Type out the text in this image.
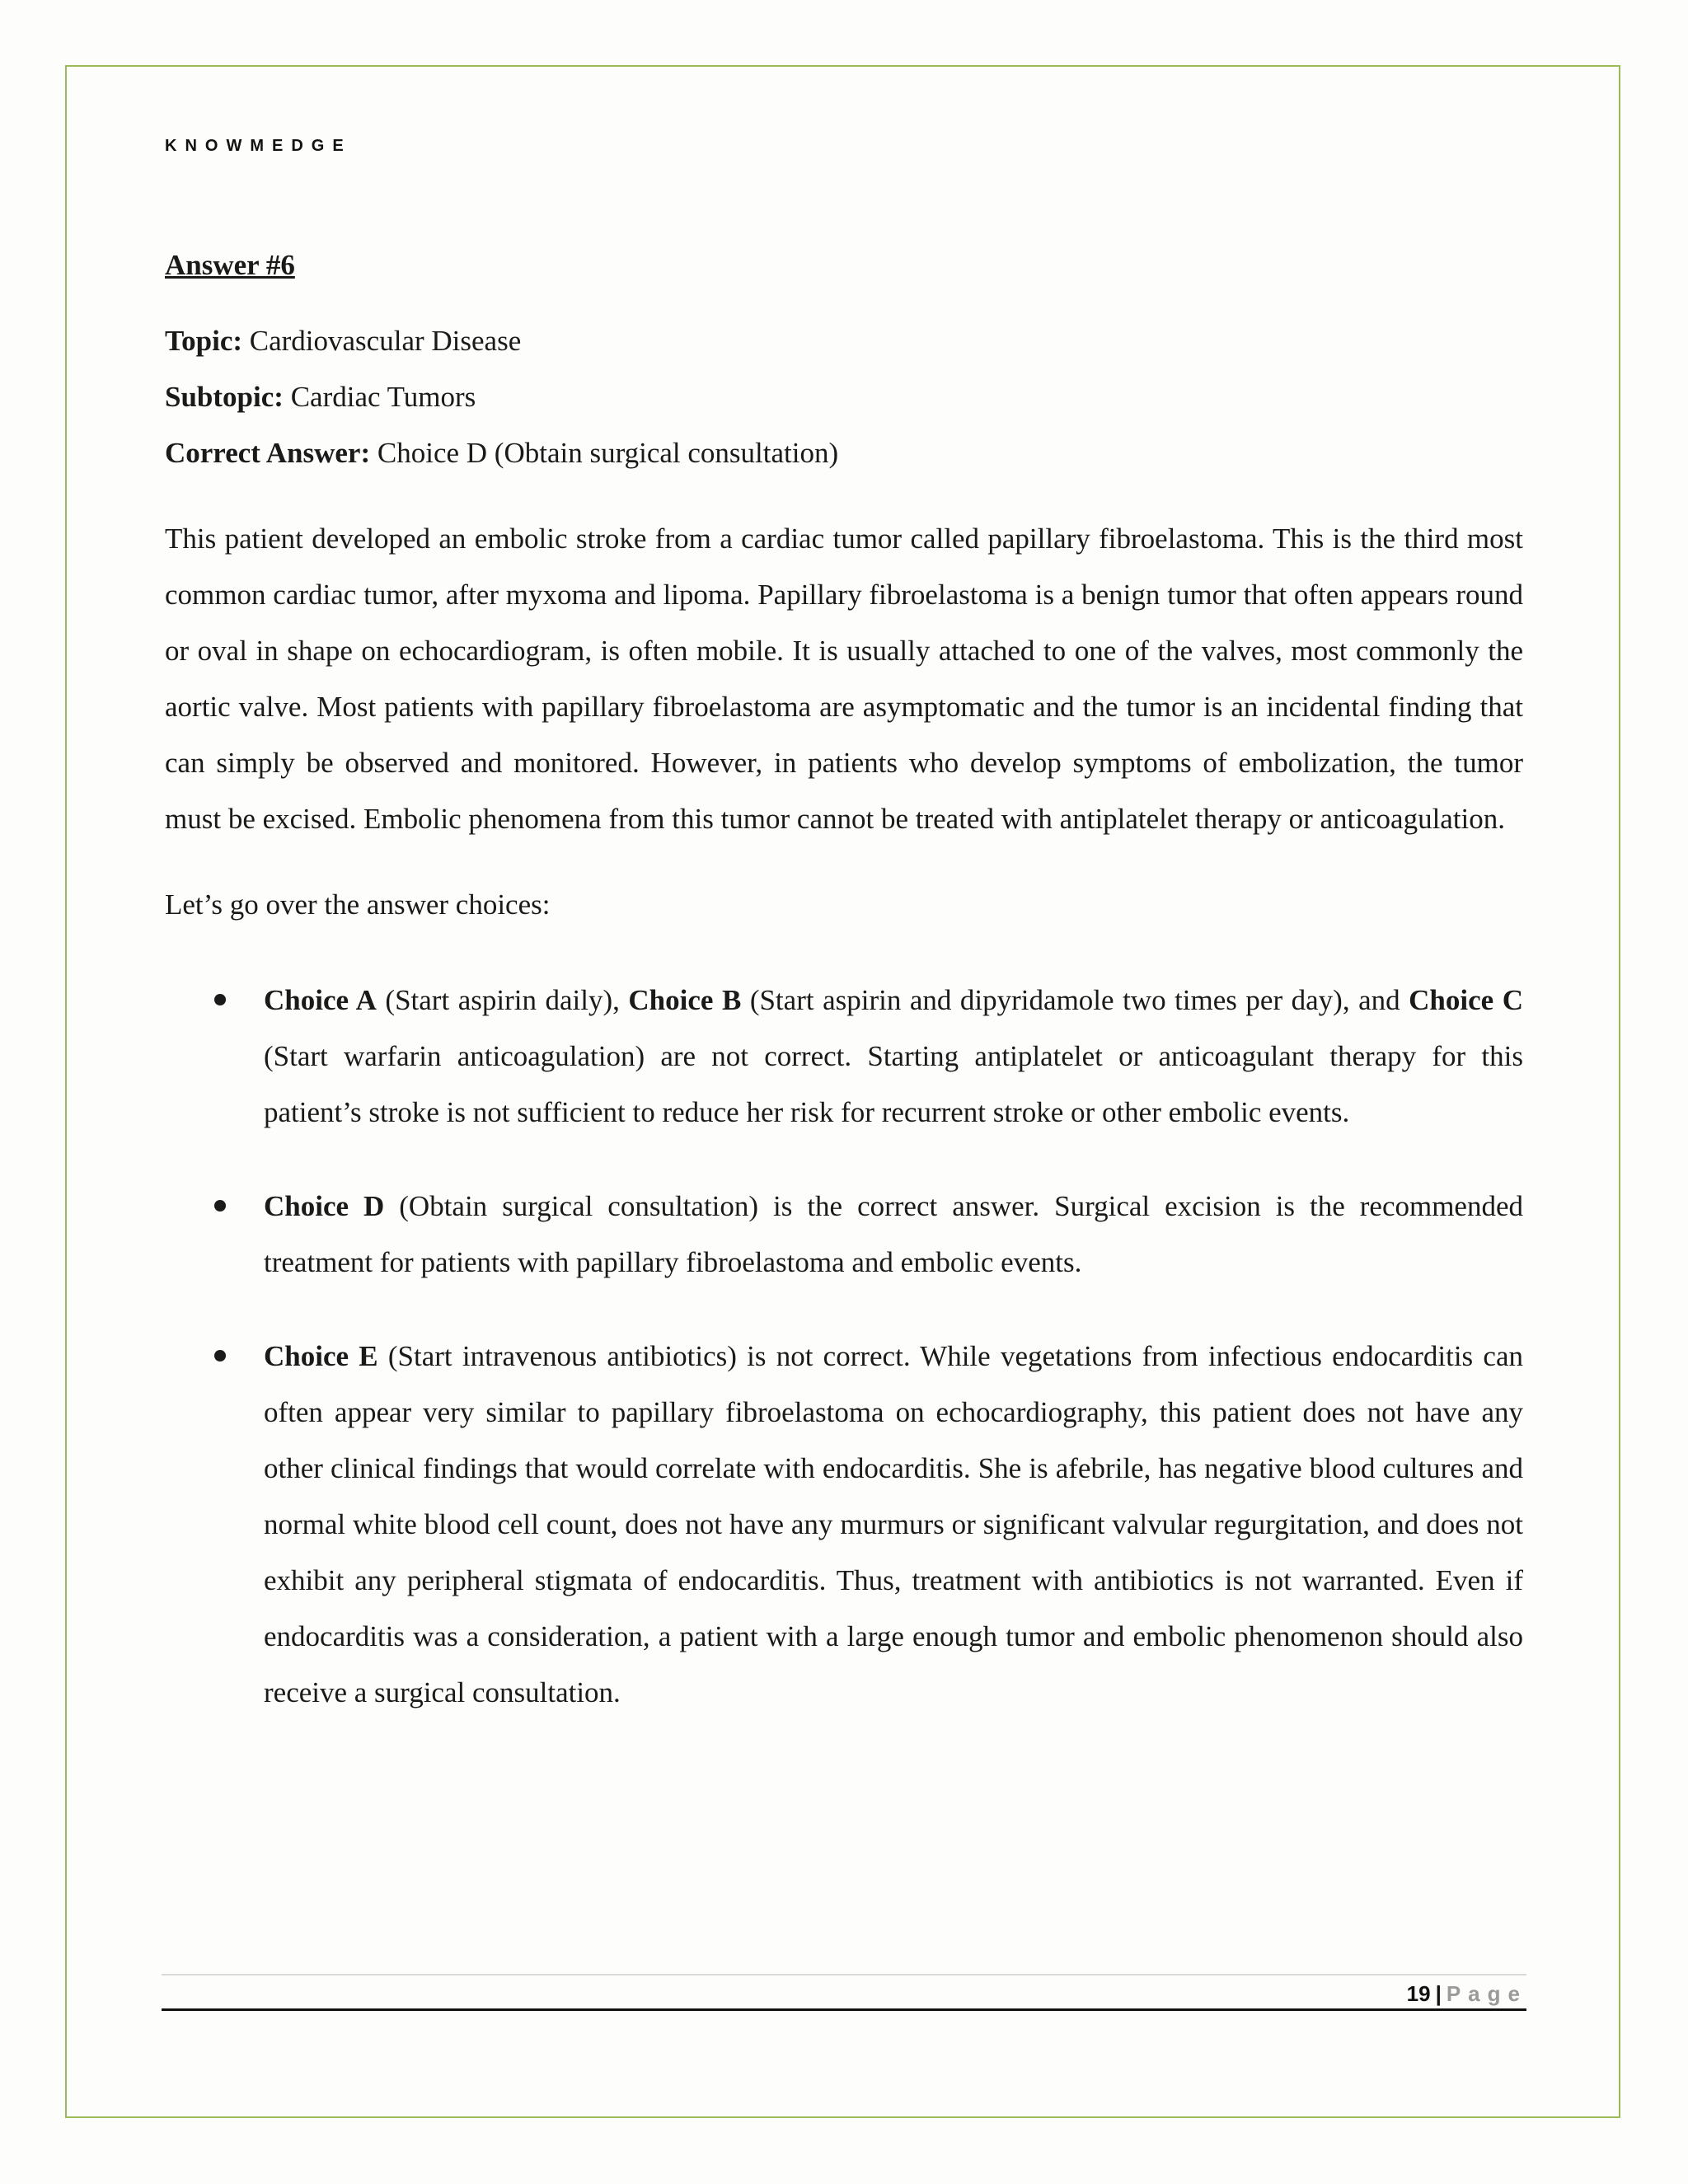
KNOWMEDGE

Answer #6

Topic: Cardiovascular Disease

Subtopic: Cardiac Tumors

Correct Answer: Choice D (Obtain surgical consultation)

This patient developed an embolic stroke from a cardiac tumor called papillary fibroelastoma. This is the third most common cardiac tumor, after myxoma and lipoma. Papillary fibroelastoma is a benign tumor that often appears round or oval in shape on echocardiogram, is often mobile. It is usually attached to one of the valves, most commonly the aortic valve. Most patients with papillary fibroelastoma are asymptomatic and the tumor is an incidental finding that can simply be observed and monitored. However, in patients who develop symptoms of embolization, the tumor must be excised. Embolic phenomena from this tumor cannot be treated with antiplatelet therapy or anticoagulation.

Let’s go over the answer choices:

Choice A (Start aspirin daily), Choice B (Start aspirin and dipyridamole two times per day), and Choice C (Start warfarin anticoagulation) are not correct. Starting antiplatelet or anticoagulant therapy for this patient’s stroke is not sufficient to reduce her risk for recurrent stroke or other embolic events.
Choice D (Obtain surgical consultation) is the correct answer. Surgical excision is the recommended treatment for patients with papillary fibroelastoma and embolic events.
Choice E (Start intravenous antibiotics) is not correct. While vegetations from infectious endocarditis can often appear very similar to papillary fibroelastoma on echocardiography, this patient does not have any other clinical findings that would correlate with endocarditis. She is afebrile, has negative blood cultures and normal white blood cell count, does not have any murmurs or significant valvular regurgitation, and does not exhibit any peripheral stigmata of endocarditis. Thus, treatment with antibiotics is not warranted. Even if endocarditis was a consideration, a patient with a large enough tumor and embolic phenomenon should also receive a surgical consultation.
19 | Page
